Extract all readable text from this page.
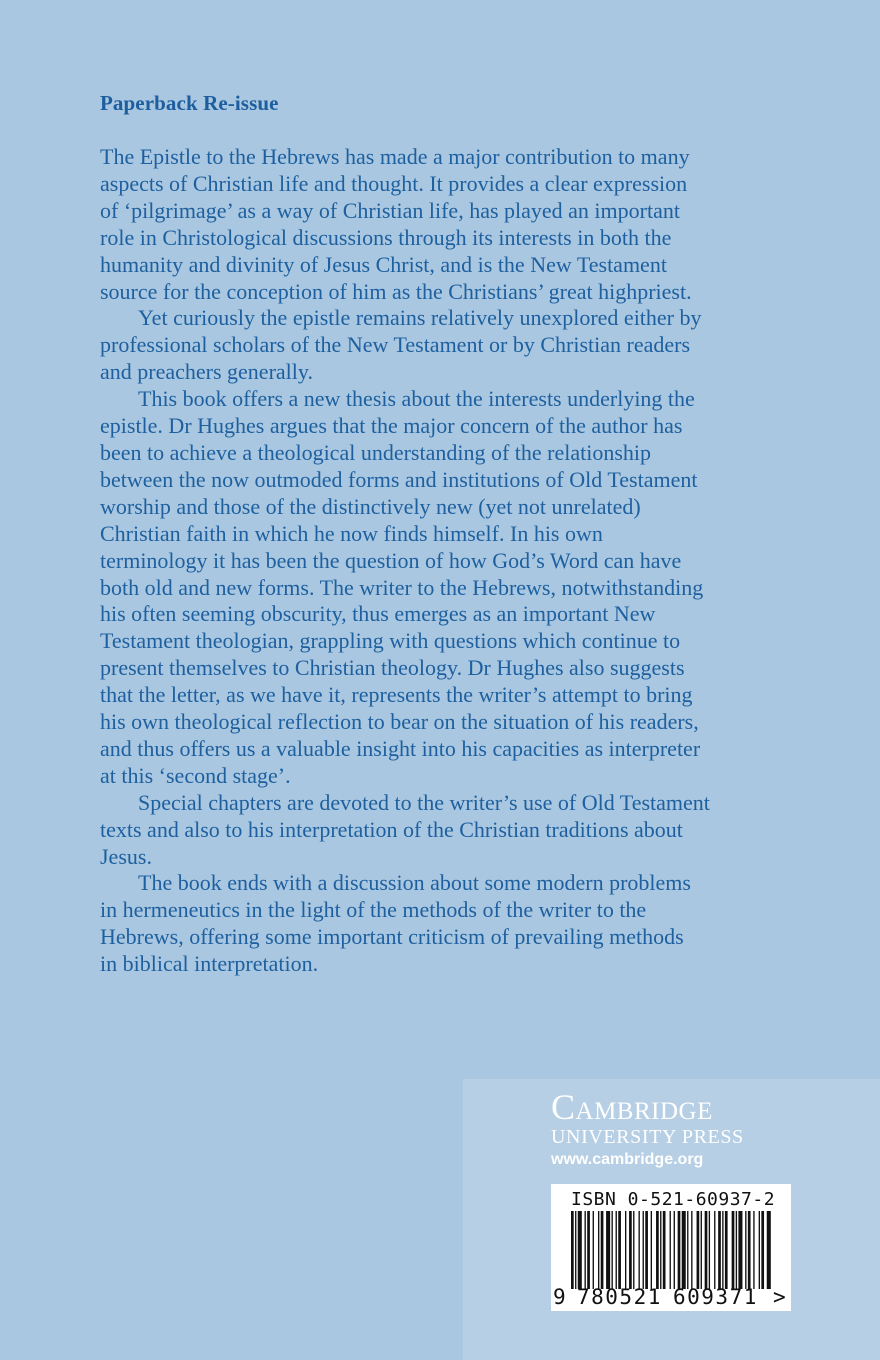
Paperback Re-issue

The Epistle to the Hebrews has made a major contribution to many
aspects of Christian life and thought. It provides a clear expression
of ‘pilgrimage’ as a way of Christian life, has played an important
role in Christological discussions through its interests in both the
humanity and divinity of Jesus Christ, and is the New Testament
source for the conception of him as the Christians’ great highpriest.

Yet curiously the epistle remains relatively unexplored either by
professional scholars of the New Testament or by Christian readers
and preachers generally.

This book offers a new thesis about the interests underlying the
epistle. Dr Hughes argues that the major concern of the author has
been to achieve a theological understanding of the relationship
between the now outmoded forms and institutions of Old Testament
worship and those of the distinctively new (yet not unrelated)
Christian faith in which he now finds himself. In his own
terminology it has been the question of how God’s Word can have
both old and new forms. The writer to the Hebrews, notwithstanding
his often seeming obscurity, thus emerges as an important New
Testament theologian, grappling with questions which continue to
present themselves to Christian theology. Dr Hughes also suggests
that the letter, as we have it, represents the writer’s attempt to bring
his own theological reflection to bear on the situation of his readers,
and thus offers us a valuable insight into his capacities as interpreter
at this ‘second stage’.

Special chapters are devoted to the writer’s use of Old Testament
texts and also to his interpretation of the Christian traditions about
Jesus.

The book ends with a discussion about some modern problems
in hermeneutics in the light of the methods of the writer to the
Hebrews, offering some important criticism of prevailing methods
in biblical interpretation.

Cambridge
UNIVERSITY PRESS
www.cambridge.org
ISBN 0-521-60937-2
9 780521 609371 >
